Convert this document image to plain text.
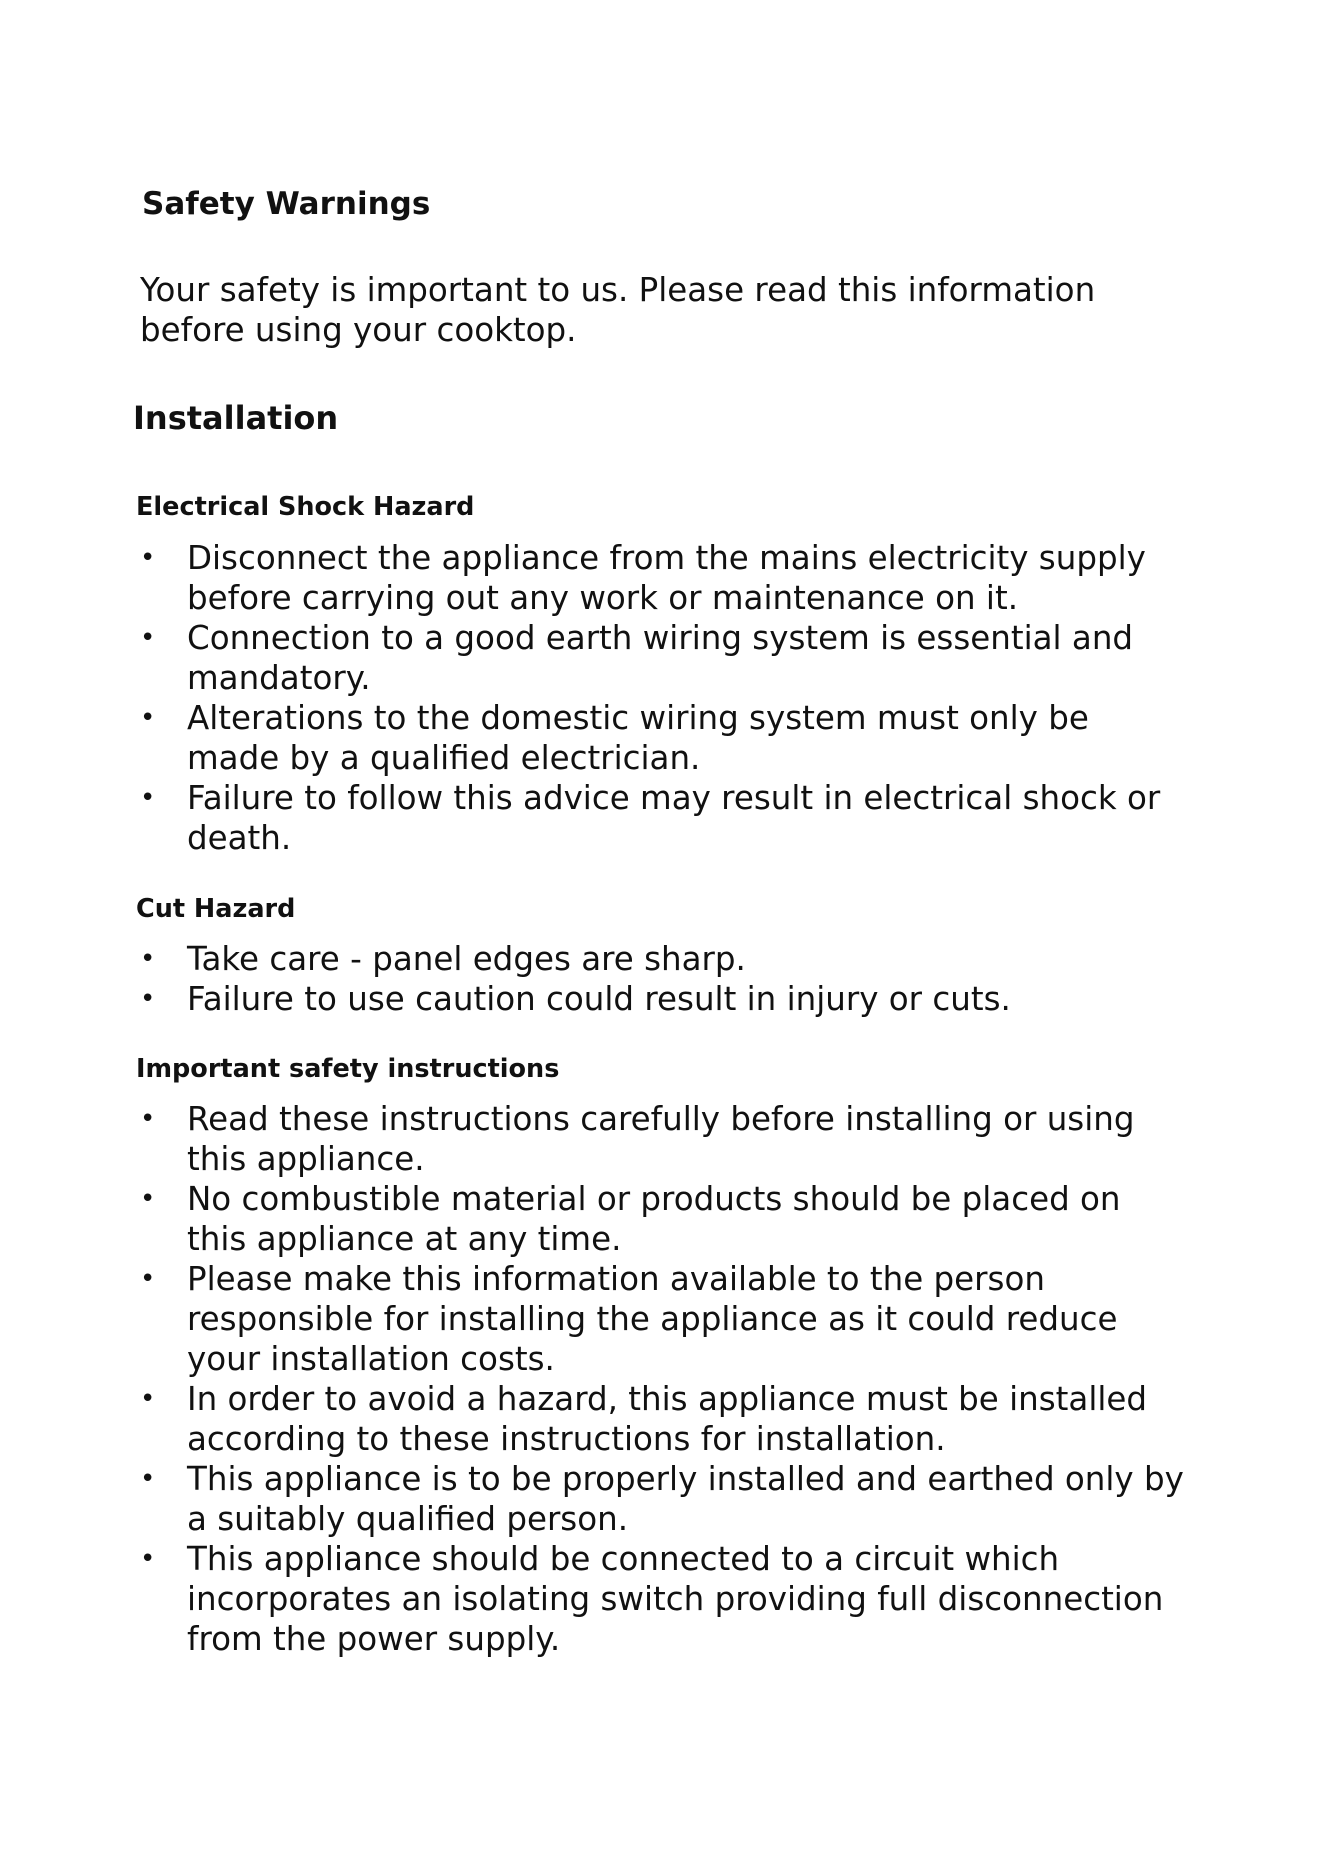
Safety Warnings

Your safety is important to us. Please read this information
before using your cooktop.

Installation
Electrical Shock Hazard
• Disconnect the appliance from the mains electricity supply
before carrying out any work or maintenance on it.
• Connection to a good earth wiring system is essential and
mandatory.
• Alterations to the domestic wiring system must only be
made by a qualified electrician.
• Failure to follow this advice may result in electrical shock or
death.
Cut Hazard
• Take care - panel edges are sharp.
• Failure to use caution could result in injury or cuts.
Important safety instructions
• Read these instructions carefully before installing or using
this appliance.
• No combustible material or products should be placed on
this appliance at any time.
• Please make this information available to the person
responsible for installing the appliance as it could reduce
your installation costs.
• In order to avoid a hazard, this appliance must be installed
according to these instructions for installation.
• This appliance is to be properly installed and earthed only by
a suitably qualified person.
• This appliance should be connected to a circuit which
incorporates an isolating switch providing full disconnection
from the power supply.
